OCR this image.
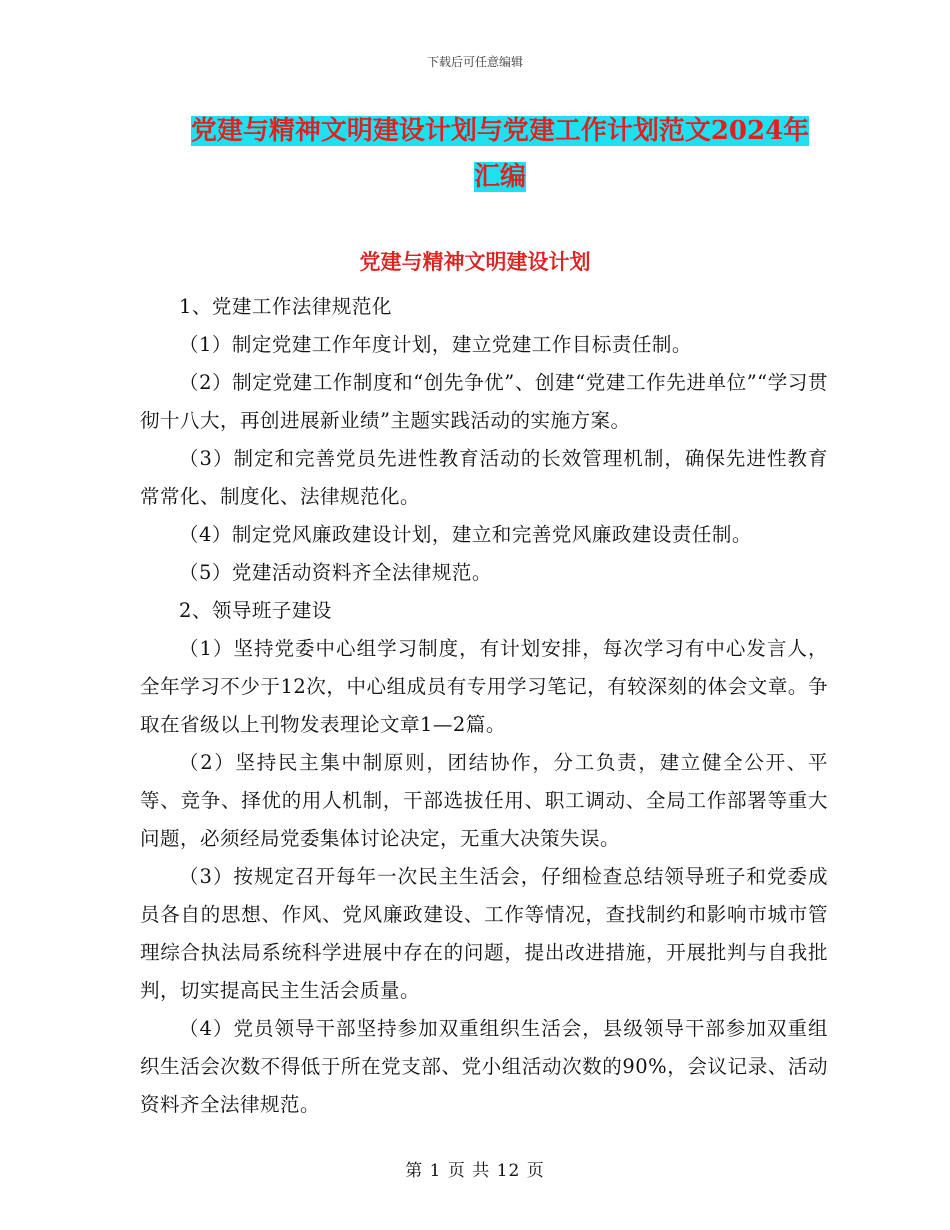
下载后可任意编辑
党建与精神文明建设计划与党建工作计划范文2024年
汇编
党建与精神文明建设计划

1、党建工作法律规范化

（1）制定党建工作年度计划，建立党建工作目标责任制。

（2）制定党建工作制度和“创先争优”、创建“党建工作先进单位”“学习贯彻十八大，再创进展新业绩”主题实践活动的实施方案。

（3）制定和完善党员先进性教育活动的长效管理机制，确保先进性教育常常化、制度化、法律规范化。

（4）制定党风廉政建设计划，建立和完善党风廉政建设责任制。

（5）党建活动资料齐全法律规范。

2、领导班子建设

（1）坚持党委中心组学习制度，有计划安排，每次学习有中心发言人，全年学习不少于12次，中心组成员有专用学习笔记，有较深刻的体会文章。争取在省级以上刊物发表理论文章1—2篇。

（2）坚持民主集中制原则，团结协作，分工负责，建立健全公开、平等、竞争、择优的用人机制，干部选拔任用、职工调动、全局工作部署等重大问题，必须经局党委集体讨论决定，无重大决策失误。

（3）按规定召开每年一次民主生活会，仔细检查总结领导班子和党委成员各自的思想、作风、党风廉政建设、工作等情况，查找制约和影响市城市管理综合执法局系统科学进展中存在的问题，提出改进措施，开展批判与自我批判，切实提高民主生活会质量。

（4）党员领导干部坚持参加双重组织生活会，县级领导干部参加双重组织生活会次数不得低于所在党支部、党小组活动次数的90%，会议记录、活动资料齐全法律规范。

第 1 页 共 12 页
